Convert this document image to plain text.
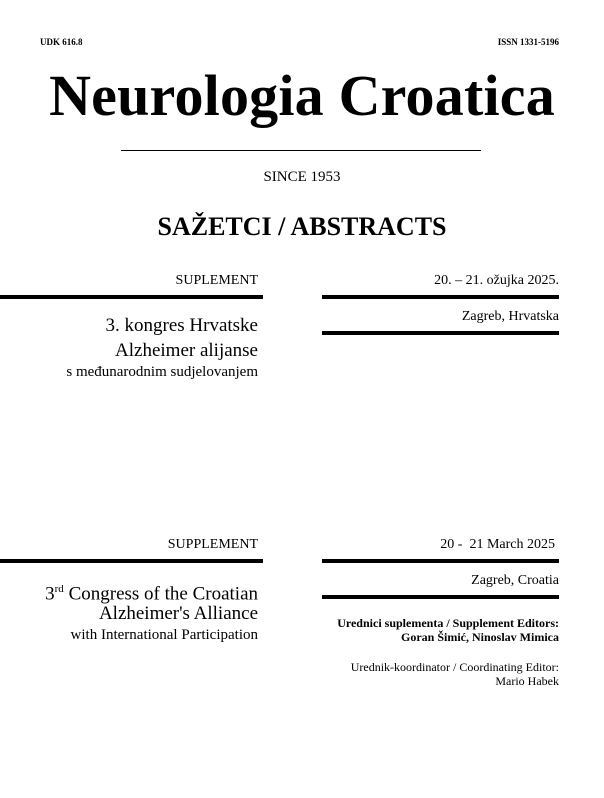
UDK 616.8	ISSN 1331-5196
Neurologia Croatica
SINCE 1953
SAŽETCI / ABSTRACTS
SUPLEMENT	20. – 21. ožujka 2025.
Zagreb, Hrvatska
3. kongres Hrvatske
Alzheimer alijanse
s međunarodnim sudjelovanjem
SUPPLEMENT	20 -  21 March 2025
Zagreb, Croatia
3rd Congress of the Croatian
Alzheimer's Alliance
with International Participation
Urednici suplementa / Supplement Editors:
Goran Šimić, Ninoslav Mimica
Urednik-koordinator / Coordinating Editor:
Mario Habek
